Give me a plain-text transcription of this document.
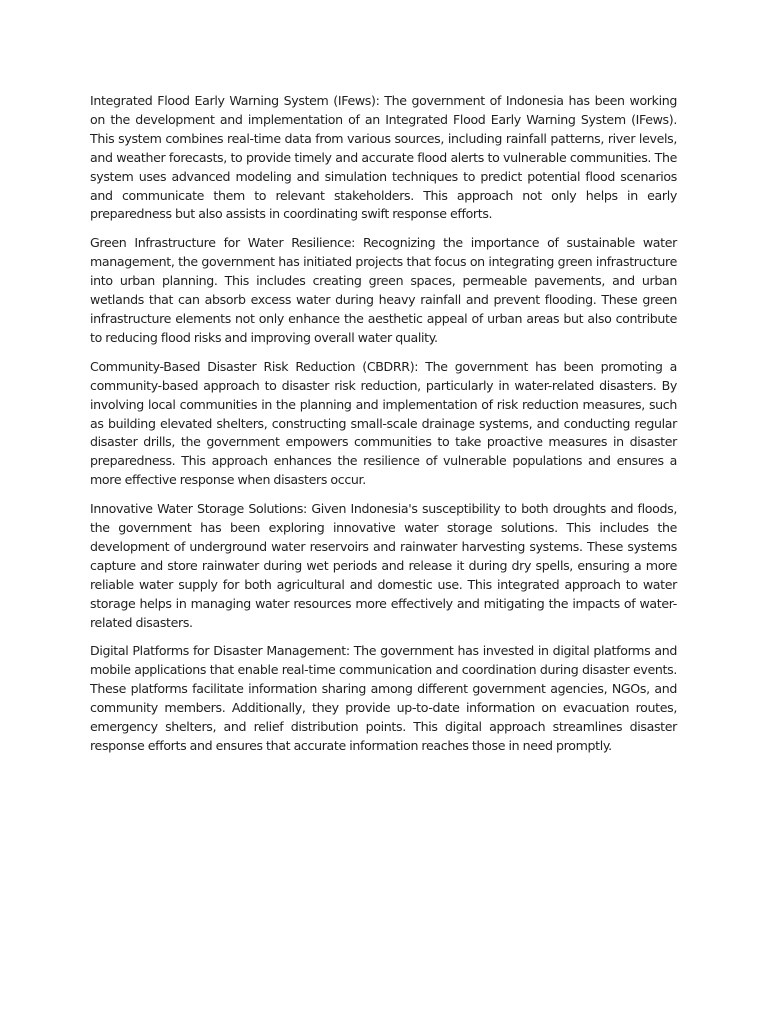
Integrated Flood Early Warning System (IFews): The government of Indonesia has been working on the development and implementation of an Integrated Flood Early Warning System (IFews). This system combines real-time data from various sources, including rainfall patterns, river levels, and weather forecasts, to provide timely and accurate flood alerts to vulnerable communities. The system uses advanced modeling and simulation techniques to predict potential flood scenarios and communicate them to relevant stakeholders. This approach not only helps in early preparedness but also assists in coordinating swift response efforts.

Green Infrastructure for Water Resilience: Recognizing the importance of sustainable water management, the government has initiated projects that focus on integrating green infrastructure into urban planning. This includes creating green spaces, permeable pavements, and urban wetlands that can absorb excess water during heavy rainfall and prevent flooding. These green infrastructure elements not only enhance the aesthetic appeal of urban areas but also contribute to reducing flood risks and improving overall water quality.

Community-Based Disaster Risk Reduction (CBDRR): The government has been promoting a community-based approach to disaster risk reduction, particularly in water-related disasters. By involving local communities in the planning and implementation of risk reduction measures, such as building elevated shelters, constructing small-scale drainage systems, and conducting regular disaster drills, the government empowers communities to take proactive measures in disaster preparedness. This approach enhances the resilience of vulnerable populations and ensures a more effective response when disasters occur.

Innovative Water Storage Solutions: Given Indonesia's susceptibility to both droughts and floods, the government has been exploring innovative water storage solutions. This includes the development of underground water reservoirs and rainwater harvesting systems. These systems capture and store rainwater during wet periods and release it during dry spells, ensuring a more reliable water supply for both agricultural and domestic use. This integrated approach to water storage helps in managing water resources more effectively and mitigating the impacts of water-related disasters.

Digital Platforms for Disaster Management: The government has invested in digital platforms and mobile applications that enable real-time communication and coordination during disaster events. These platforms facilitate information sharing among different government agencies, NGOs, and community members. Additionally, they provide up-to-date information on evacuation routes, emergency shelters, and relief distribution points. This digital approach streamlines disaster response efforts and ensures that accurate information reaches those in need promptly.
